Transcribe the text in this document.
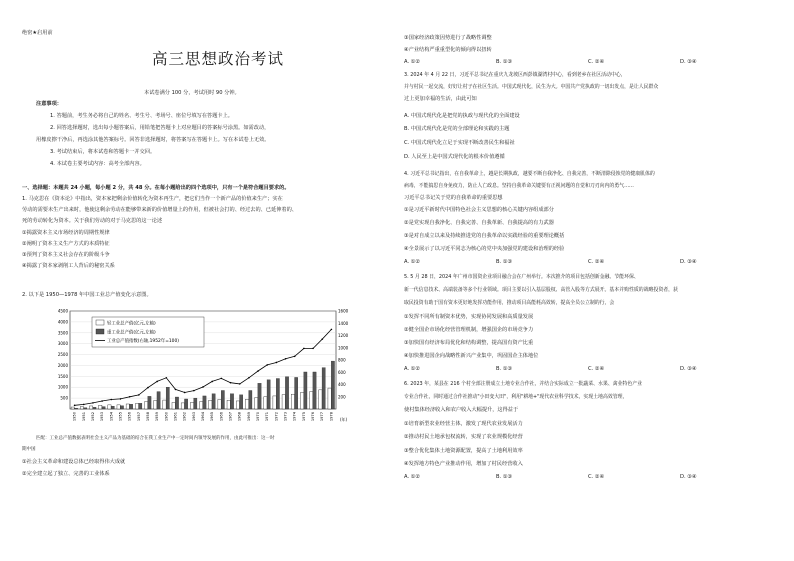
绝密★启用前
高三思想政治考试
本试卷满分 100 分，考试用时 90 分钟。
注意事项：
1. 答题前，考生务必将自己的姓名、考生号、考场号、座位号填写在答题卡上。
2. 回答选择题时，选出每小题答案后，用铅笔把答题卡上对应题目的答案标号涂黑。如需改动，
用橡皮擦干净后，再选涂其他答案标号。回答非选择题时，将答案写在答题卡上。写在本试卷上无效。
3. 考试结束后，将本试卷和答题卡一并交回。
4. 本试卷主要考试内容：高考全部内容。
一、选择题：本题共 24 小题，每小题 2 分，共 48 分。在每小题给出的四个选项中，只有一个是符合题目要求的。
1. 马克思在《资本论》中指出，资本家把剩余价值转化为资本再生产，把它们当作一个新产品的价值来生产；实在
劳动的需要未生产出来时，他使这剩余劳动在能够带来新的价值增量上的作用，但被社会打的、经过去的、已延伸着的、
死的劳动转化为资本。关于我们劳动的对于马克思的这一论述
①揭露资本主义市场经济的周期性规律
②阐明了资本主义生产方式的本质特征
③预判了资本主义社会存在的阶级斗争
④揭露了资本家剥削工人背后的秘密关系
2. 以下是 1950—1978 年中国工业总产值变化示意图。
500
1000
1500
2000
2500
3000
3500
4000
4500
200
400
600
800
1000
1200
1400
1600
1950 1951 1952 1953 1954 1955 1956 1957 1958 1959 1960 1961 1962 1963 1964 1965 1966 1967 1968 1969 1970 1971 1972 1973 1974 1975 1976 1977 1978 (年)
轻工业总产值(亿元,左轴)
重工业总产值(亿元,左轴)
工业总产值指数(右轴,1952年=100)
匹配：工业总产值数据表明社会主义产品为基础的结合在我工业生产中一定时间内领导发展的作用，由此可推出：这一时
期中国
①社会主义革命和建设总体已经取得伟大成就
②完全建立起了独立、完善的工业体系
③国家经济政策因势进行了战略性调整
④产业结构严重重型化的倾向得以扭转
A. ①②	B. ①③	C. ②④	D. ③④
3. 2024 年 4 月 22 日，习近平总书记在重庆九龙坡区西彭镇湖湾村中心，看到老乡在社区活动中心，
并与村民一起交流，好好让村子在社区生活。中国式现代化，民生为大。中国共产党执政的一切出发点，是让人民群众
过上更加幸福的生活，由此可知
A. 中国式现代化是把党的执政与现代化的全面建设
B. 中国式现代化是党的全部理论和实践的主题
C. 中国式现代化立足于实现不断改善民生和福祉
D. 人民至上是中国式现代化的根本价值遵循
4. 习近平总书记指出，在自我革命上，越是长期执政，越要不断自我净化、自我完善，不断清除侵蚀党的健康肌体的
病毒，不能搞思自身免疫力，防止人亡政息。坚持自我革命关键要有正视问题的自觉和刀刃向内的勇气……
习近平总书记关于党的自我革命的重要思想
①是习近平新时代中国特色社会主义思想的核心关键内容组成部分
②是党实现自我净化、自我完善、自我革新、自我提高的有力武器
③是对自成立以来及持续推进党的自我革命以实践经验的重要理论概括
④全景展示了以习近平同志为核心的党中央加强党的建设和治理的经验
A. ①②	B. ①③	C. ②④	D. ③④
5. 5 月 28 日，2024 年广州市国资企业项目融合会在广州举行。本次推介的项目包括创新金融、节能环保、
新一代信息技术、高端装备等多个行业领域。项目主要以引入基层股权、高管入股等方式展开。基本并购性质的战略投资者，获
取民投资有助于国有资本更好地发挥功能作用，推动项目高能耗高效转，提高全员公立制的行，会
①发挥不同所有制资本优势，实现协同发展和高质量发展
②健全国企市场化经营管理机制，增强国企的市场竞争力
③加快国有经济布局优化和结构调整，提高国有资产比重
④加快推进国企向战略性新兴产业集中，巩固国企主体地位
A. ①②	B. ①③	C. ②④	D. ③④
6. 2023 年，某县在 216 个村全部注册成立土地专业合作社，并结合实际成立一批蔬菜、水果、禽业特色产业
专业合作社，同时通过合作社推动"小田变大田"，利用"耕地+"现代农业科学技术，实现土地高效管理，
使村集体经济收入和农户收入大幅提升，这得益于
①培育新型农业经营主体，激发了现代农业发展活力
②推动村民土地承包权流转，实现了农业规模化经营
③整合优化集体土地资源配置，提高了土地利用效率
④发挥地方特色产业推动作用，增加了村民经营收入
A. ①②	B. ①③	C. ②④	D. ③④
